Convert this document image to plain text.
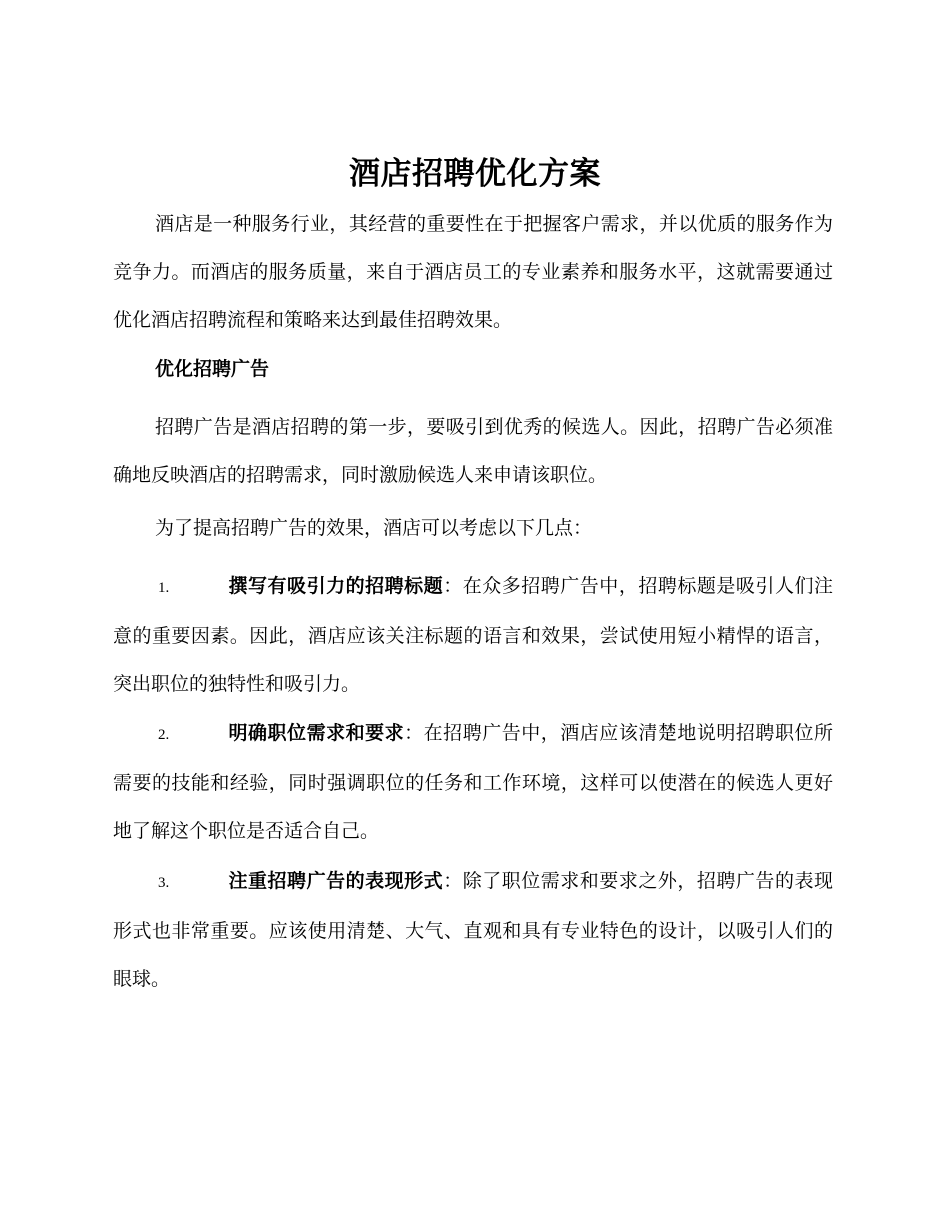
酒店招聘优化方案

酒店是一种服务行业，其经营的重要性在于把握客户需求，并以优质的服务作为竞争力。而酒店的服务质量，来自于酒店员工的专业素养和服务水平，这就需要通过优化酒店招聘流程和策略来达到最佳招聘效果。

优化招聘广告

招聘广告是酒店招聘的第一步，要吸引到优秀的候选人。因此，招聘广告必须准确地反映酒店的招聘需求，同时激励候选人来申请该职位。

为了提高招聘广告的效果，酒店可以考虑以下几点：

1.	撰写有吸引力的招聘标题：在众多招聘广告中，招聘标题是吸引人们注意的重要因素。因此，酒店应该关注标题的语言和效果，尝试使用短小精悍的语言，突出职位的独特性和吸引力。

2.	明确职位需求和要求：在招聘广告中，酒店应该清楚地说明招聘职位所需要的技能和经验，同时强调职位的任务和工作环境，这样可以使潜在的候选人更好地了解这个职位是否适合自己。

3.	注重招聘广告的表现形式：除了职位需求和要求之外，招聘广告的表现形式也非常重要。应该使用清楚、大气、直观和具有专业特色的设计，以吸引人们的眼球。
